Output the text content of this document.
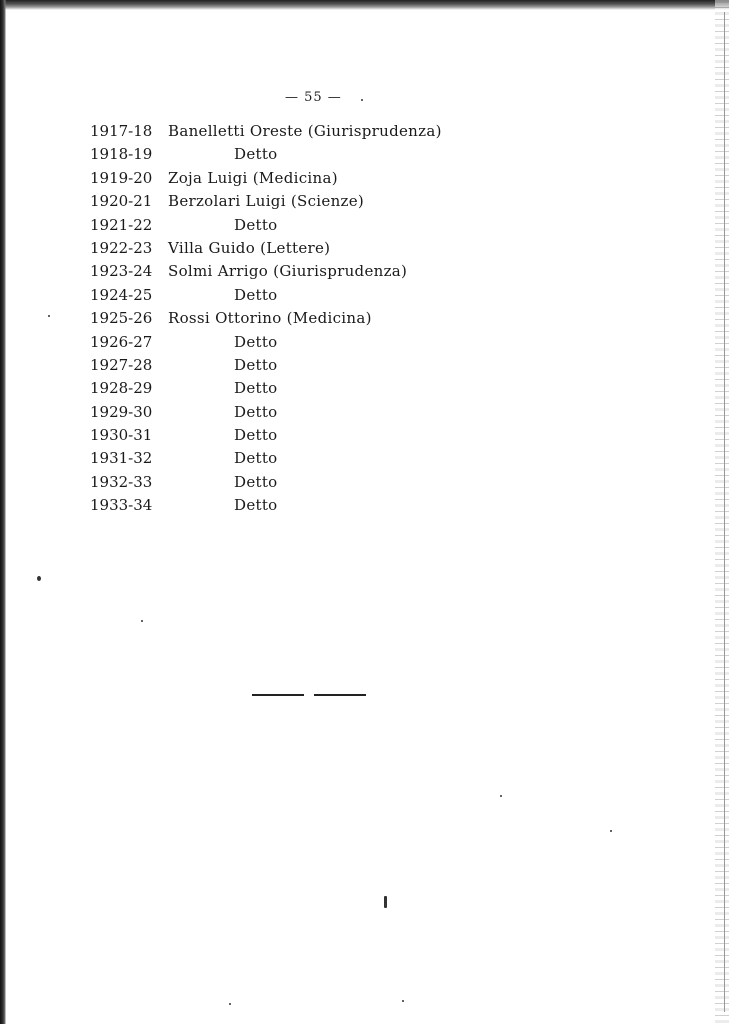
— 55 —
1917-18	Banelletti Oreste (Giurisprudenza)
1918-19	Detto
1919-20	Zoja Luigi (Medicina)
1920-21	Berzolari Luigi (Scienze)
1921-22	Detto
1922-23	Villa Guido (Lettere)
1923-24	Solmi Arrigo (Giurisprudenza)
1924-25	Detto
1925-26	Rossi Ottorino (Medicina)
1926-27	Detto
1927-28	Detto
1928-29	Detto
1929-30	Detto
1930-31	Detto
1931-32	Detto
1932-33	Detto
1933-34	Detto
